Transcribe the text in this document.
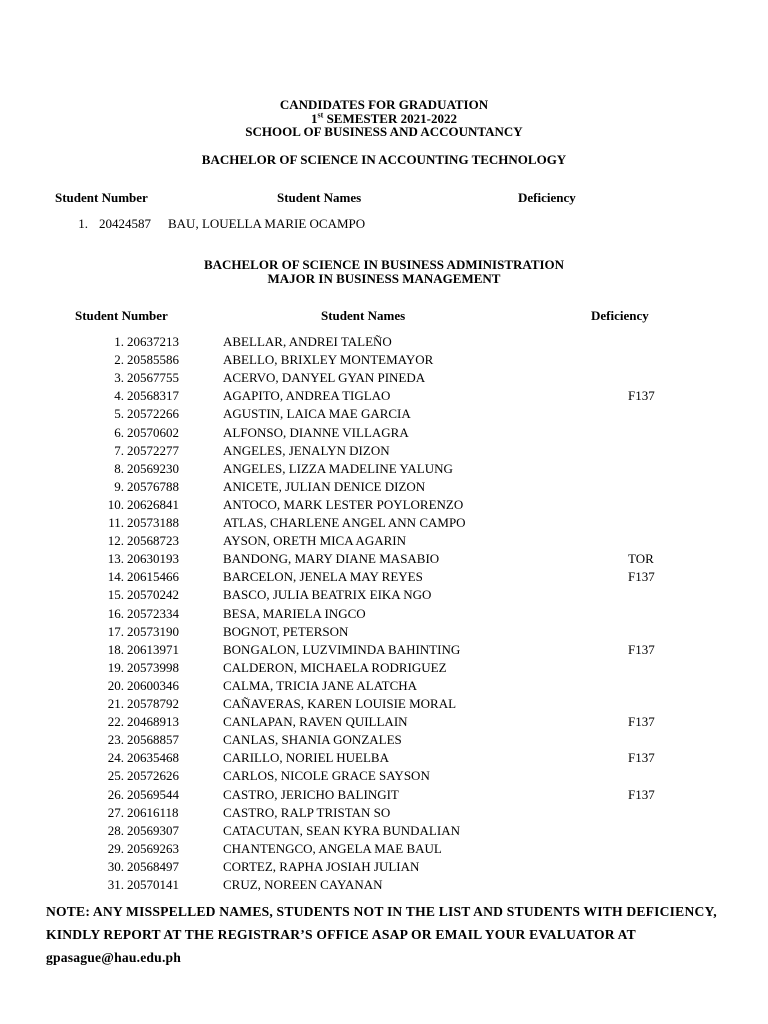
CANDIDATES FOR GRADUATION
1st SEMESTER 2021-2022
SCHOOL OF BUSINESS AND ACCOUNTANCY
BACHELOR OF SCIENCE IN ACCOUNTING TECHNOLOGY
Student Number	Student Names	Deficiency
1. 20424587 BAU, LOUELLA MARIE OCAMPO
BACHELOR OF SCIENCE IN BUSINESS ADMINISTRATION
MAJOR IN BUSINESS MANAGEMENT
Student Number	Student Names	Deficiency
1. 20637213	ABELLAR, ANDREI TALEÑO
2. 20585586	ABELLO, BRIXLEY MONTEMAYOR
3. 20567755	ACERVO, DANYEL GYAN PINEDA
4. 20568317	AGAPITO, ANDREA TIGLAO	F137
5. 20572266	AGUSTIN, LAICA MAE GARCIA
6. 20570602	ALFONSO, DIANNE VILLAGRA
7. 20572277	ANGELES, JENALYN DIZON
8. 20569230	ANGELES, LIZZA MADELINE YALUNG
9. 20576788	ANICETE, JULIAN DENICE DIZON
10. 20626841	ANTOCO, MARK LESTER POYLORENZO
11. 20573188	ATLAS, CHARLENE ANGEL ANN CAMPO
12. 20568723	AYSON, ORETH MICA AGARIN
13. 20630193	BANDONG, MARY DIANE MASABIO	TOR
14. 20615466	BARCELON, JENELA MAY REYES	F137
15. 20570242	BASCO, JULIA BEATRIX EIKA NGO
16. 20572334	BESA, MARIELA INGCO
17. 20573190	BOGNOT, PETERSON
18. 20613971	BONGALON, LUZVIMINDA BAHINTING	F137
19. 20573998	CALDERON, MICHAELA RODRIGUEZ
20. 20600346	CALMA, TRICIA JANE ALATCHA
21. 20578792	CAÑAVERAS, KAREN LOUISIE MORAL
22. 20468913	CANLAPAN, RAVEN QUILLAIN	F137
23. 20568857	CANLAS, SHANIA GONZALES
24. 20635468	CARILLO, NORIEL HUELBA	F137
25. 20572626	CARLOS, NICOLE GRACE SAYSON
26. 20569544	CASTRO, JERICHO BALINGIT	F137
27. 20616118	CASTRO, RALP TRISTAN SO
28. 20569307	CATACUTAN, SEAN KYRA BUNDALIAN
29. 20569263	CHANTENGCO, ANGELA MAE BAUL
30. 20568497	CORTEZ, RAPHA JOSIAH JULIAN
31. 20570141	CRUZ, NOREEN CAYANAN
NOTE: ANY MISSPELLED NAMES, STUDENTS NOT IN THE LIST AND STUDENTS WITH DEFICIENCY, KINDLY REPORT AT THE REGISTRAR’S OFFICE ASAP OR EMAIL YOUR EVALUATOR AT gpasague@hau.edu.ph
